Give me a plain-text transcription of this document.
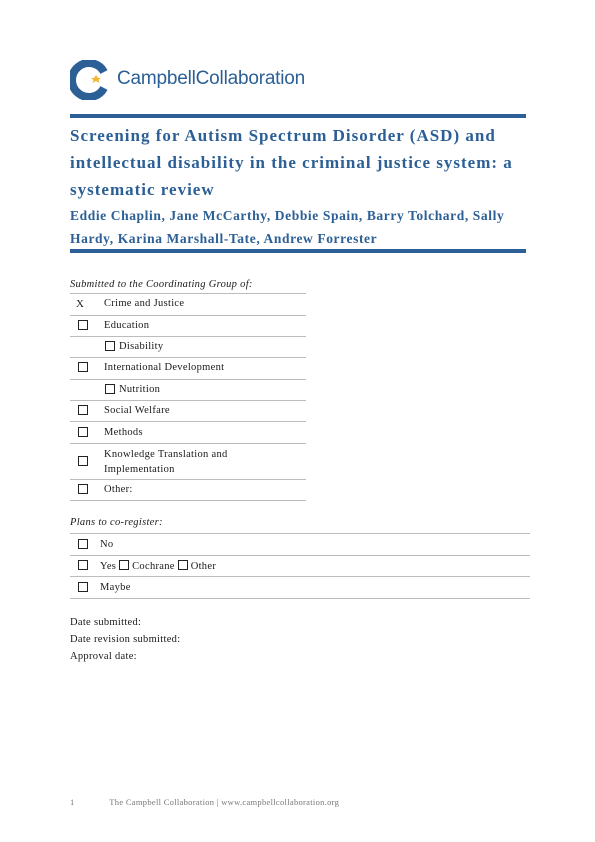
CampbellCollaboration
Screening for Autism Spectrum Disorder (ASD) and intellectual disability in the criminal justice system: a systematic review
Eddie Chaplin, Jane McCarthy, Debbie Spain, Barry Tolchard, Sally Hardy, Karina Marshall-Tate, Andrew Forrester
Submitted to the Coordinating Group of:
X Crime and Justice
Education
Disability
International Development
Nutrition
Social Welfare
Methods
Knowledge Translation and Implementation
Other:
Plans to co-register:
No
Yes Cochrane Other
Maybe
Date submitted:
Date revision submitted:
Approval date:
1	The Campbell Collaboration | www.campbellcollaboration.org
